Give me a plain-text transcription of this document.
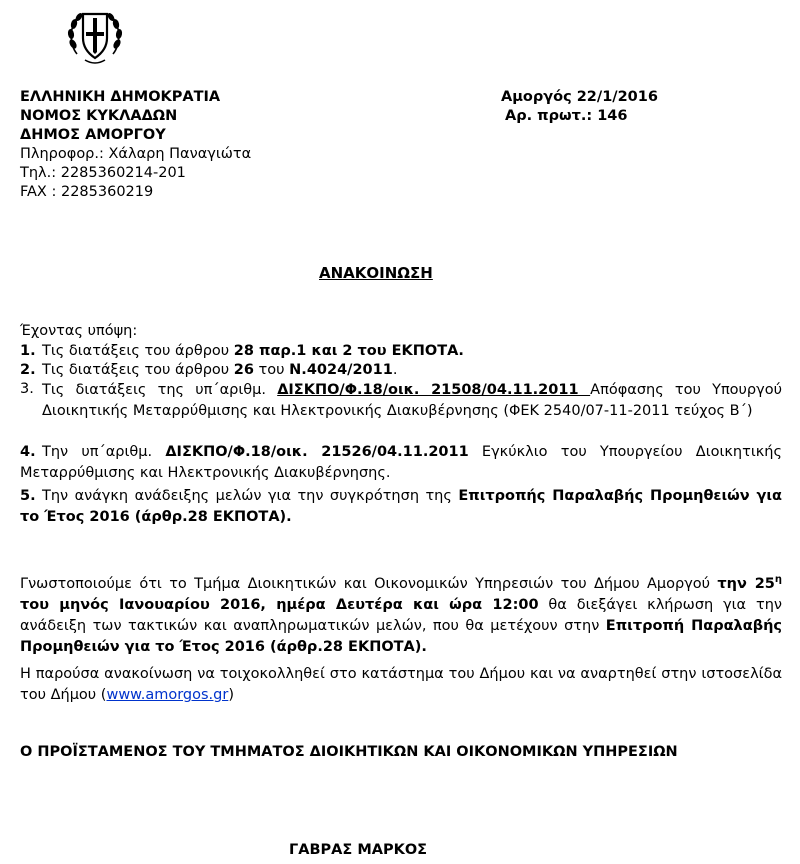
ΕΛΛΗΝΙΚΗ ΔΗΜΟΚΡΑΤΙΑ
ΝΟΜΟΣ ΚΥΚΛΑΔΩΝ
ΔΗΜΟΣ ΑΜΟΡΓΟΥ
Πληροφορ.: Χάλαρη Παναγιώτα
Τηλ.: 2285360214-201
FAX : 2285360219
Αμοργός 22/1/2016
Αρ. πρωτ.: 146
ΑΝΑΚΟΙΝΩΣΗ
Έχοντας υπόψη:
1. Τις διατάξεις του άρθρου 28 παρ.1 και 2 του ΕΚΠΟΤΑ.
2. Τις διατάξεις του άρθρου 26 του Ν.4024/2011.
3. Τις διατάξεις της υπ΄αριθμ. ΔΙΣΚΠΟ/Φ.18/οικ. 21508/04.11.2011 Απόφασης του Υπουργού Διοικητικής Μεταρρύθμισης και Ηλεκτρονικής Διακυβέρνησης (ΦΕΚ 2540/07-11-2011 τεύχος Β΄)
4. Την υπ΄αριθμ. ΔΙΣΚΠΟ/Φ.18/οικ. 21526/04.11.2011 Εγκύκλιο του Υπουργείου Διοικητικής Μεταρρύθμισης και Ηλεκτρονικής Διακυβέρνησης.
5. Την ανάγκη ανάδειξης μελών για την συγκρότηση της Επιτροπής Παραλαβής Προμηθειών για το Έτος 2016 (άρθρ.28 ΕΚΠΟΤΑ).
Γνωστοποιούμε ότι το Τμήμα Διοικητικών και Οικονομικών Υπηρεσιών του Δήμου Αμοργού την $25^\eta$ του μηνός Ιανουαρίου 2016, ημέρα Δευτέρα και ώρα 12:00 θα διεξάγει κλήρωση για την ανάδειξη των τακτικών και αναπληρωματικών μελών, που θα μετέχουν στην Επιτροπή Παραλαβής Προμηθειών για το Έτος 2016 (άρθρ.28 ΕΚΠΟΤΑ).
Η παρούσα ανακοίνωση να τοιχοκολληθεί στο κατάστημα του Δήμου και να αναρτηθεί στην ιστοσελίδα του Δήμου (www.amorgos.gr)
Ο ΠΡΟΪΣΤΑΜΕΝΟΣ ΤΟΥ ΤΜΗΜΑΤΟΣ ΔΙΟΙΚΗΤΙΚΩΝ ΚΑΙ ΟΙΚΟΝΟΜΙΚΩΝ ΥΠΗΡΕΣΙΩΝ
ΓΑΒΡΑΣ ΜΑΡΚΟΣ
